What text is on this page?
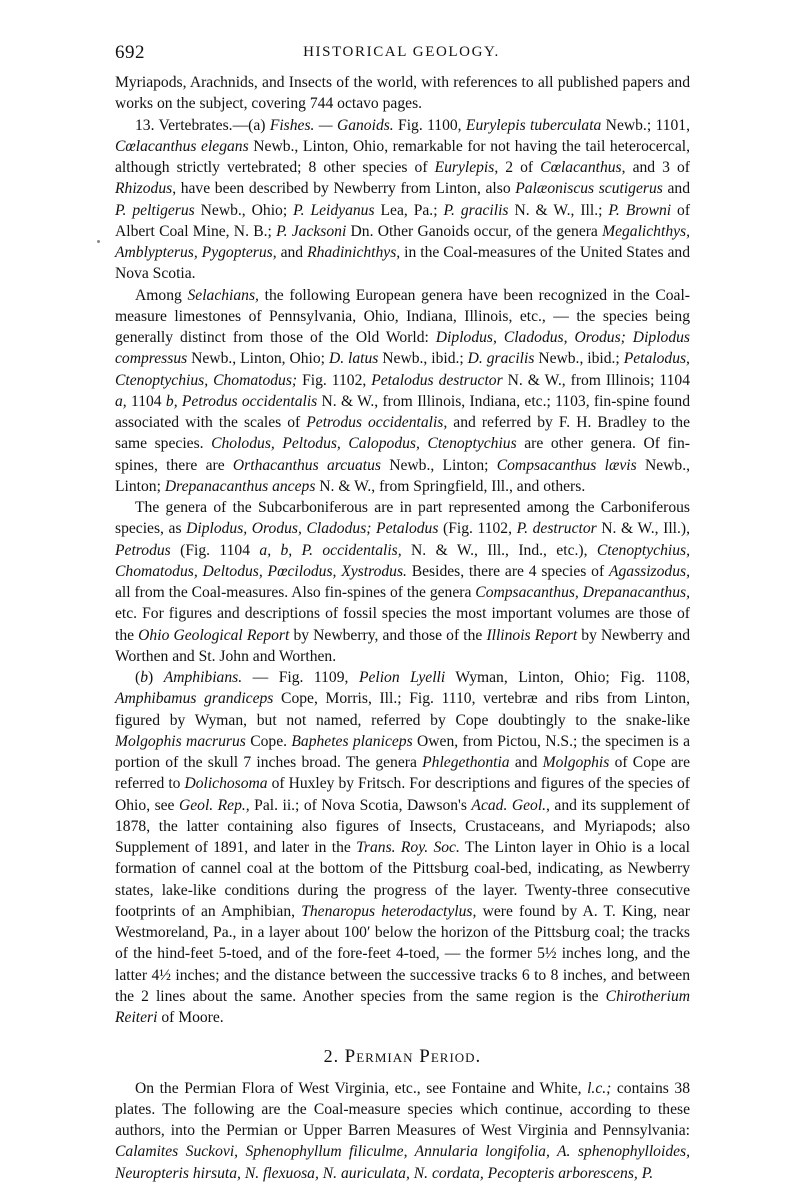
692	HISTORICAL GEOLOGY.

Myriapods, Arachnids, and Insects of the world, with references to all published papers and works on the subject, covering 744 octavo pages.

13. Vertebrates.—(a) Fishes. — Ganoids. Fig. 1100, Eurylepis tuberculata Newb.; 1101, Cœlacanthus elegans Newb., Linton, Ohio, remarkable for not having the tail heterocercal, although strictly vertebrated; 8 other species of Eurylepis, 2 of Cœlacanthus, and 3 of Rhizodus, have been described by Newberry from Linton, also Palæoniscus scutigerus and P. peltigerus Newb., Ohio; P. Leidyanus Lea, Pa.; P. gracilis N. & W., Ill.; P. Browni of Albert Coal Mine, N. B.; P. Jacksoni Dn. Other Ganoids occur, of the genera Megalichthys, Amblypterus, Pygopterus, and Rhadinichthys, in the Coal-measures of the United States and Nova Scotia.

Among Selachians, the following European genera have been recognized in the Coal-measure limestones of Pennsylvania, Ohio, Indiana, Illinois, etc., — the species being generally distinct from those of the Old World: Diplodus, Cladodus, Orodus; Diplodus compressus Newb., Linton, Ohio; D. latus Newb., ibid.; D. gracilis Newb., ibid.; Petalodus, Ctenoptychius, Chomatodus; Fig. 1102, Petalodus destructor N. & W., from Illinois; 1104 a, 1104 b, Petrodus occidentalis N. & W., from Illinois, Indiana, etc.; 1103, fin-spine found associated with the scales of Petrodus occidentalis, and referred by F. H. Bradley to the same species. Cholodus, Peltodus, Calopodus, Ctenoptychius are other genera. Of fin-spines, there are Orthacanthus arcuatus Newb., Linton; Compsacanthus lævis Newb., Linton; Drepanacanthus anceps N. & W., from Springfield, Ill., and others.

The genera of the Subcarboniferous are in part represented among the Carboniferous species, as Diplodus, Orodus, Cladodus; Petalodus (Fig. 1102, P. destructor N. & W., Ill.), Petrodus (Fig. 1104 a, b, P. occidentalis, N. & W., Ill., Ind., etc.), Ctenoptychius, Chomatodus, Deltodus, Pœcilodus, Xystrodus. Besides, there are 4 species of Agassizodus, all from the Coal-measures. Also fin-spines of the genera Compsacanthus, Drepanacanthus, etc. For figures and descriptions of fossil species the most important volumes are those of the Ohio Geological Report by Newberry, and those of the Illinois Report by Newberry and Worthen and St. John and Worthen.

(b) Amphibians. — Fig. 1109, Pelion Lyelli Wyman, Linton, Ohio; Fig. 1108, Amphibamus grandiceps Cope, Morris, Ill.; Fig. 1110, vertebræ and ribs from Linton, figured by Wyman, but not named, referred by Cope doubtingly to the snake-like Molgophis macrurus Cope. Baphetes planiceps Owen, from Pictou, N.S.; the specimen is a portion of the skull 7 inches broad. The genera Phlegethontia and Molgophis of Cope are referred to Dolichosoma of Huxley by Fritsch. For descriptions and figures of the species of Ohio, see Geol. Rep., Pal. ii.; of Nova Scotia, Dawson's Acad. Geol., and its supplement of 1878, the latter containing also figures of Insects, Crustaceans, and Myriapods; also Supplement of 1891, and later in the Trans. Roy. Soc. The Linton layer in Ohio is a local formation of cannel coal at the bottom of the Pittsburg coal-bed, indicating, as Newberry states, lake-like conditions during the progress of the layer. Twenty-three consecutive footprints of an Amphibian, Thenaropus heterodactylus, were found by A. T. King, near Westmoreland, Pa., in a layer about 100′ below the horizon of the Pittsburg coal; the tracks of the hind-feet 5-toed, and of the fore-feet 4-toed, — the former 5½ inches long, and the latter 4½ inches; and the distance between the successive tracks 6 to 8 inches, and between the 2 lines about the same. Another species from the same region is the Chirotherium Reiteri of Moore.

2. Permian Period.

On the Permian Flora of West Virginia, etc., see Fontaine and White, l.c.; contains 38 plates. The following are the Coal-measure species which continue, according to these authors, into the Permian or Upper Barren Measures of West Virginia and Pennsylvania: Calamites Suckovi, Sphenophyllum filiculme, Annularia longifolia, A. sphenophylloides, Neuropteris hirsuta, N. flexuosa, N. auriculata, N. cordata, Pecopteris arborescens, P.
